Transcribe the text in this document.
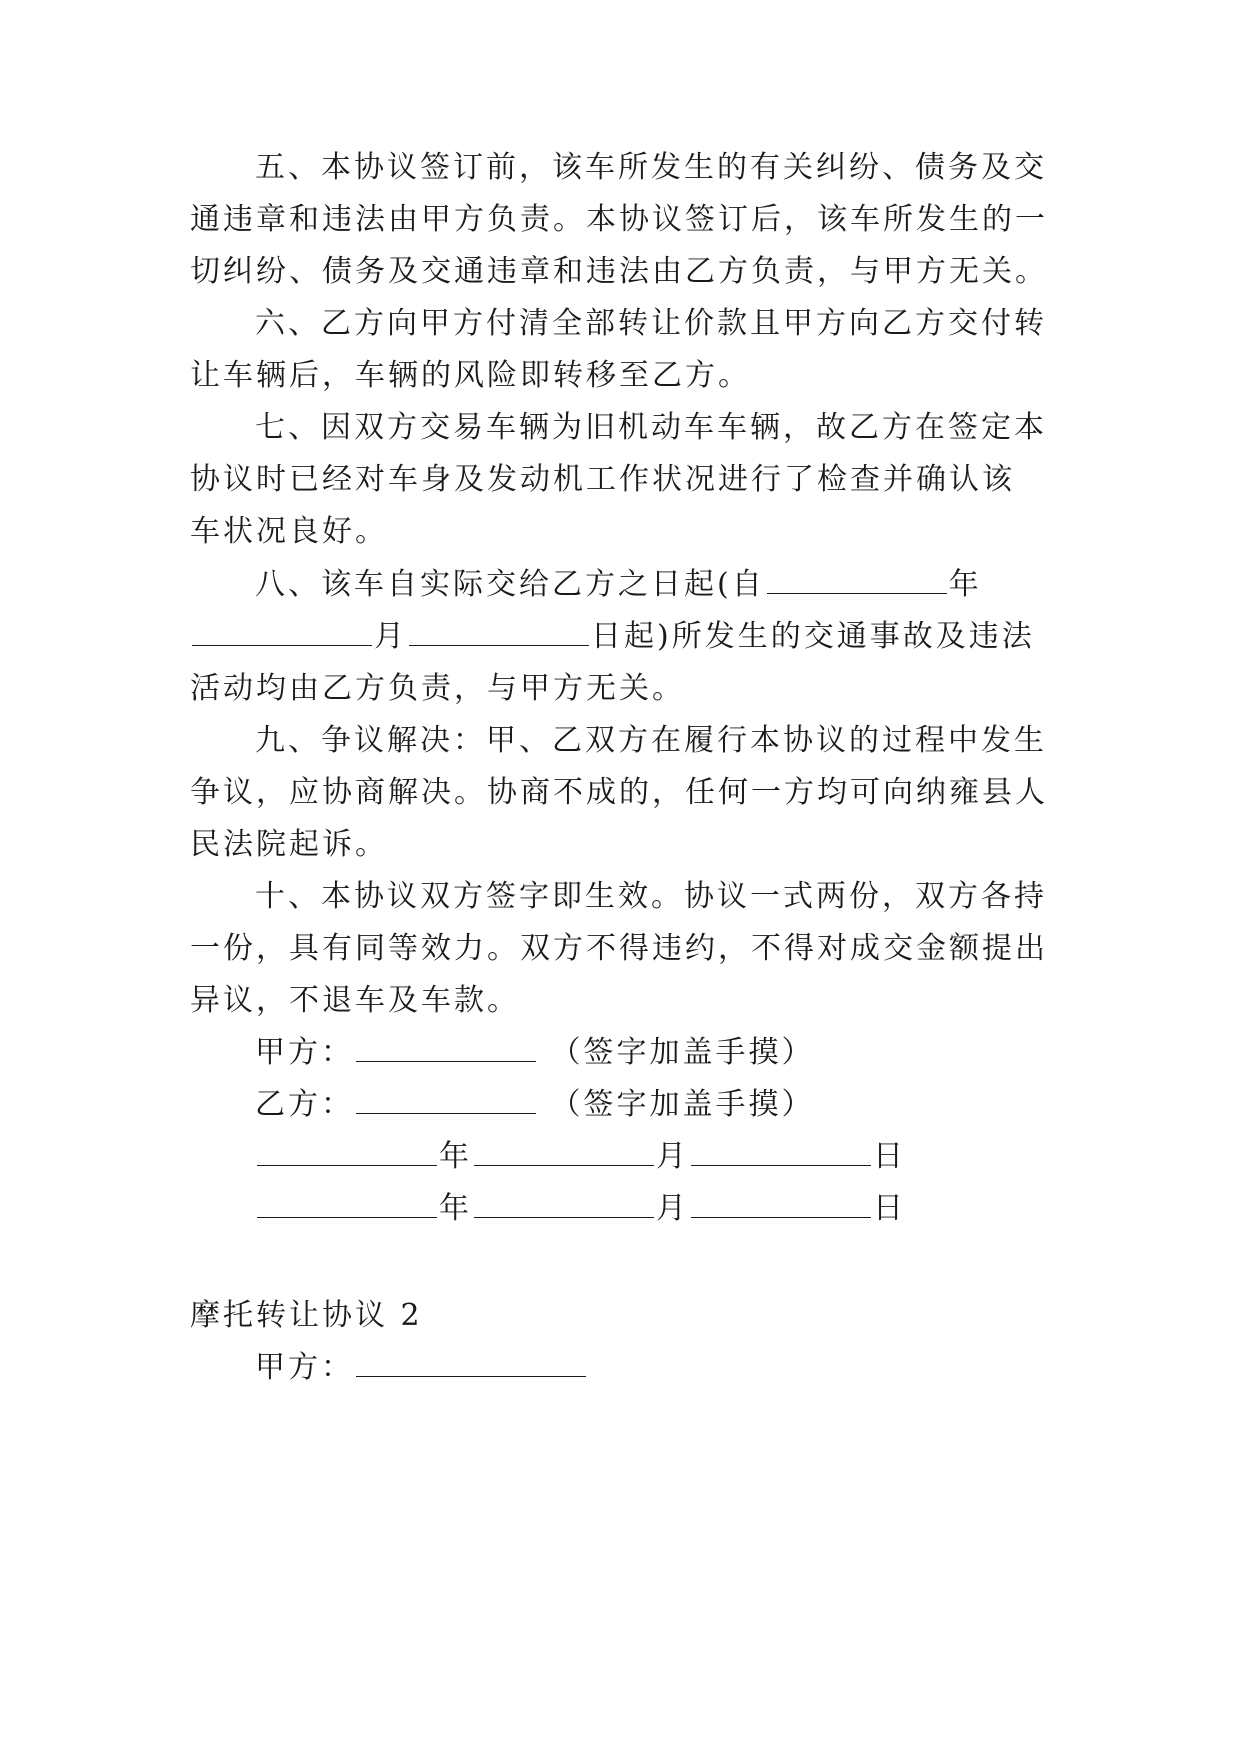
五、本协议签订前，该车所发生的有关纠纷、债务及交
通违章和违法由甲方负责。本协议签订后，该车所发生的一
切纠纷、债务及交通违章和违法由乙方负责，与甲方无关。
六、乙方向甲方付清全部转让价款且甲方向乙方交付转
让车辆后，车辆的风险即转移至乙方。
七、因双方交易车辆为旧机动车车辆，故乙方在签定本
协议时已经对车身及发动机工作状况进行了检查并确认该
车状况良好。
八、该车自实际交给乙方之日起(自	年
月	日起)所发生的交通事故及违法
活动均由乙方负责，与甲方无关。
九、争议解决：甲、乙双方在履行本协议的过程中发生
争议，应协商解决。协商不成的，任何一方均可向纳雍县人
民法院起诉。
十、本协议双方签字即生效。协议一式两份，双方各持
一份，具有同等效力。双方不得违约，不得对成交金额提出
异议，不退车及车款。
甲方：	（签字加盖手摸）
乙方：	（签字加盖手摸）
年	月	日
年	月	日
摩托转让协议 2
甲方：
